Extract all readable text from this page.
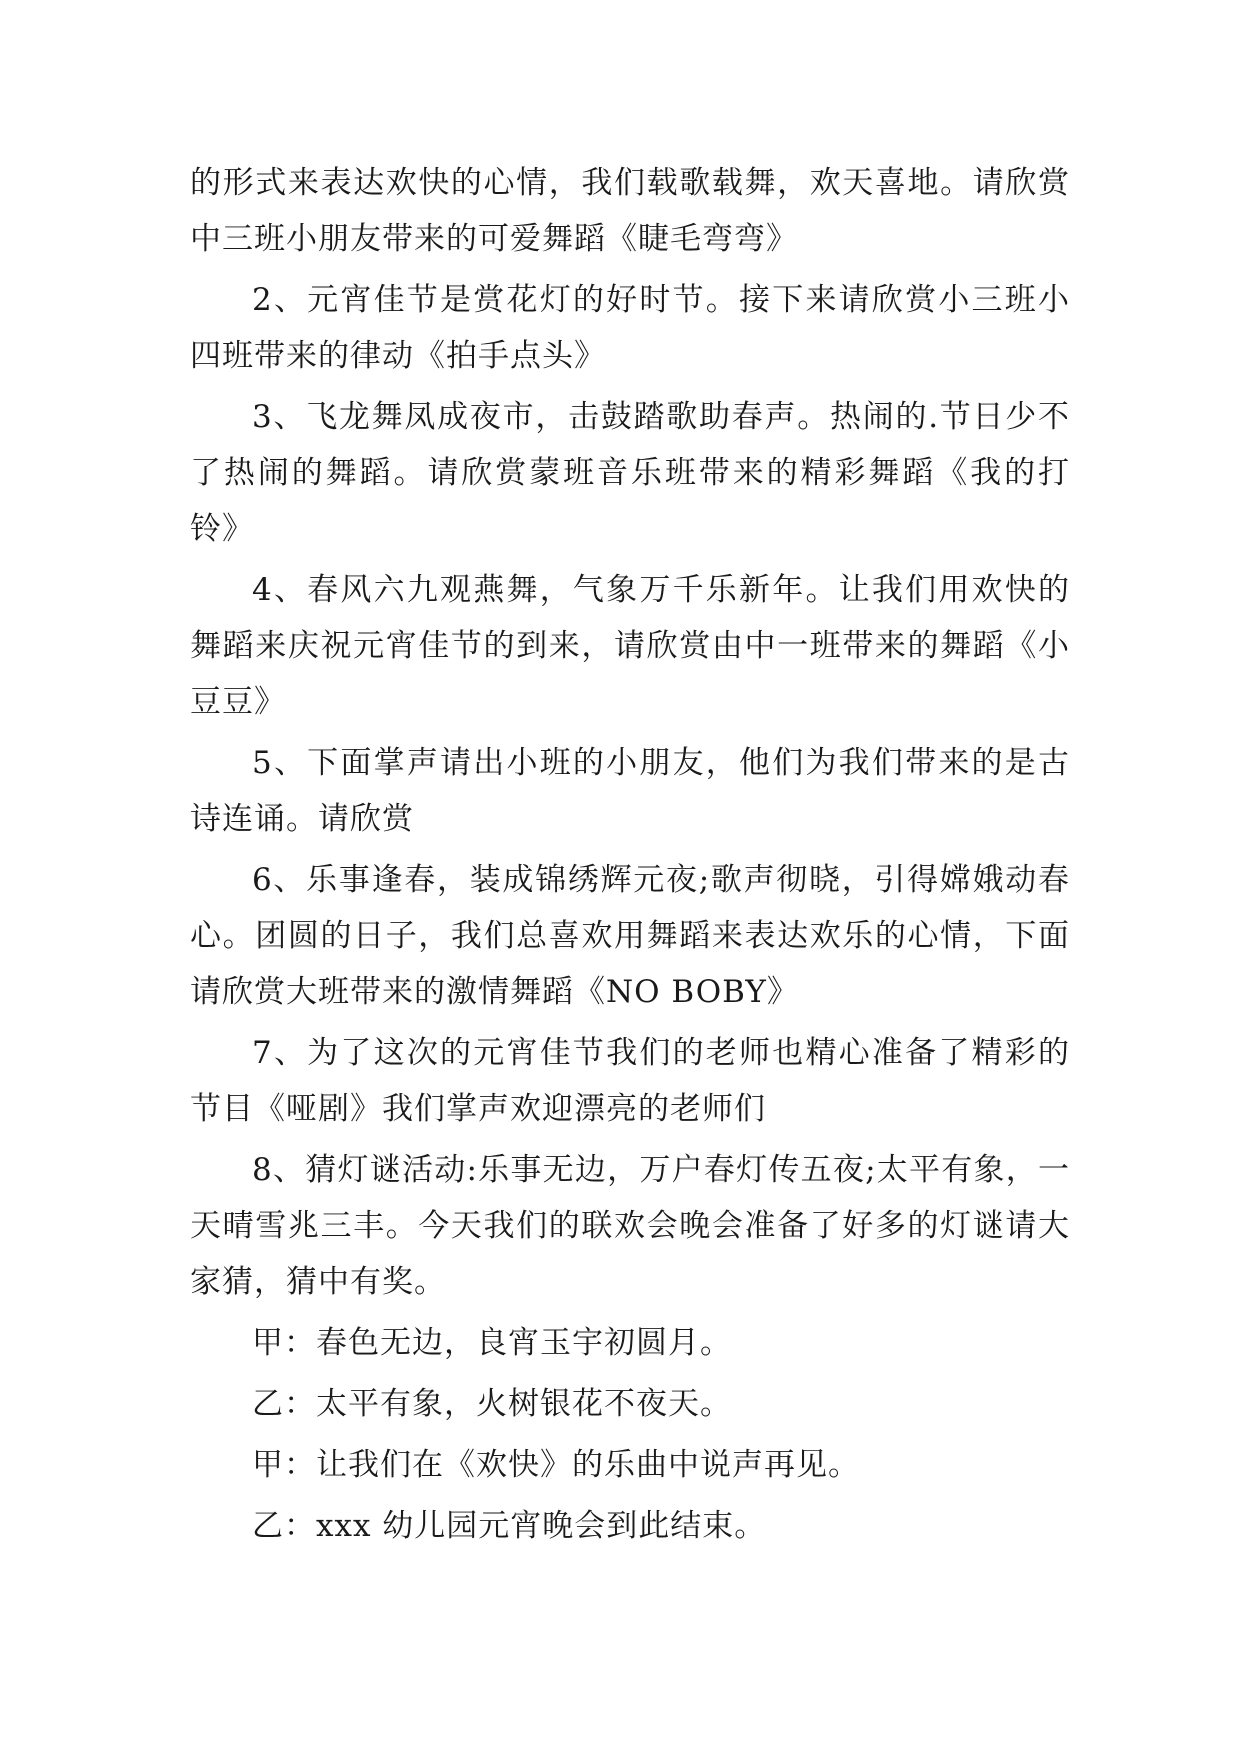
的形式来表达欢快的心情，我们载歌载舞，欢天喜地。请欣赏中三班小朋友带来的可爱舞蹈《睫毛弯弯》

2、元宵佳节是赏花灯的好时节。接下来请欣赏小三班小四班带来的律动《拍手点头》

3、飞龙舞凤成夜市，击鼓踏歌助春声。热闹的.节日少不了热闹的舞蹈。请欣赏蒙班音乐班带来的精彩舞蹈《我的打铃》

4、春风六九观燕舞，气象万千乐新年。让我们用欢快的舞蹈来庆祝元宵佳节的到来，请欣赏由中一班带来的舞蹈《小豆豆》

5、下面掌声请出小班的小朋友，他们为我们带来的是古诗连诵。请欣赏

6、乐事逢春，装成锦绣辉元夜;歌声彻晓，引得嫦娥动春心。团圆的日子，我们总喜欢用舞蹈来表达欢乐的心情，下面请欣赏大班带来的激情舞蹈《NO BOBY》

7、为了这次的元宵佳节我们的老师也精心准备了精彩的节目《哑剧》我们掌声欢迎漂亮的老师们

8、猜灯谜活动:乐事无边，万户春灯传五夜;太平有象，一天晴雪兆三丰。今天我们的联欢会晚会准备了好多的灯谜请大家猜，猜中有奖。

甲：春色无边，良宵玉宇初圆月。

乙：太平有象，火树银花不夜天。

甲：让我们在《欢快》的乐曲中说声再见。

乙：xxx 幼儿园元宵晚会到此结束。
